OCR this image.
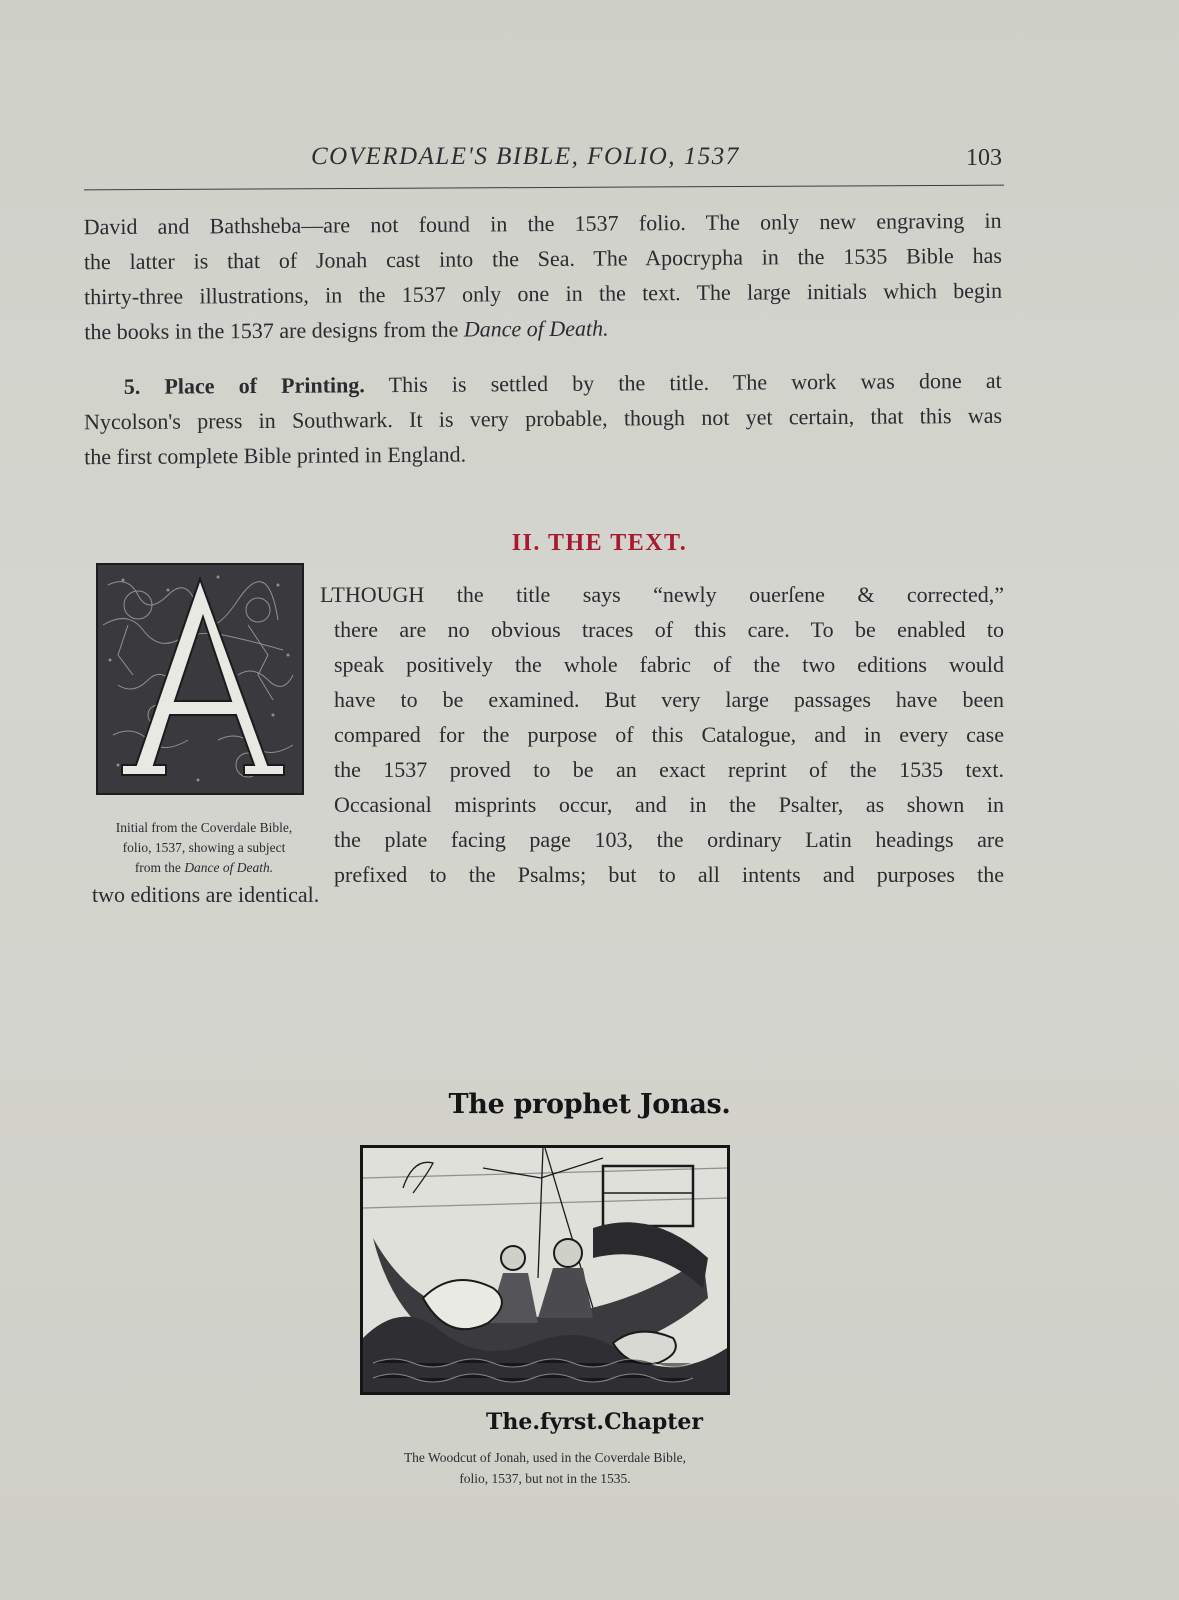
COVERDALE'S BIBLE, FOLIO, 1537	103
David and Bathsheba—are not found in the 1537 folio. The only new engraving in
the latter is that of Jonah cast into the Sea. The Apocrypha in the 1535 Bible has
thirty-three illustrations, in the 1537 only one in the text. The large initials which begin
the books in the 1537 are designs from the Dance of Death.
5. Place of Printing. This is settled by the title. The work was done at
Nycolson's press in Southwark. It is very probable, though not yet certain, that this was
the first complete Bible printed in England.
II. THE TEXT.
Initial from the Coverdale Bible,
folio, 1537, showing a subject
from the Dance of Death.
LTHOUGH the title says “newly ouerſene & corrected,”
there are no obvious traces of this care. To be enabled to
speak positively the whole fabric of the two editions would
have to be examined. But very large passages have been
compared for the purpose of this Catalogue, and in every case
the 1537 proved to be an exact reprint of the 1535 text.
Occasional misprints occur, and in the Psalter, as shown in
the plate facing page 103, the ordinary Latin headings are
prefixed to the Psalms; but to all intents and purposes the
two editions are identical.
The prophet Jonas.
The.fyrst.Chapter
The Woodcut of Jonah, used in the Coverdale Bible,
folio, 1537, but not in the 1535.
